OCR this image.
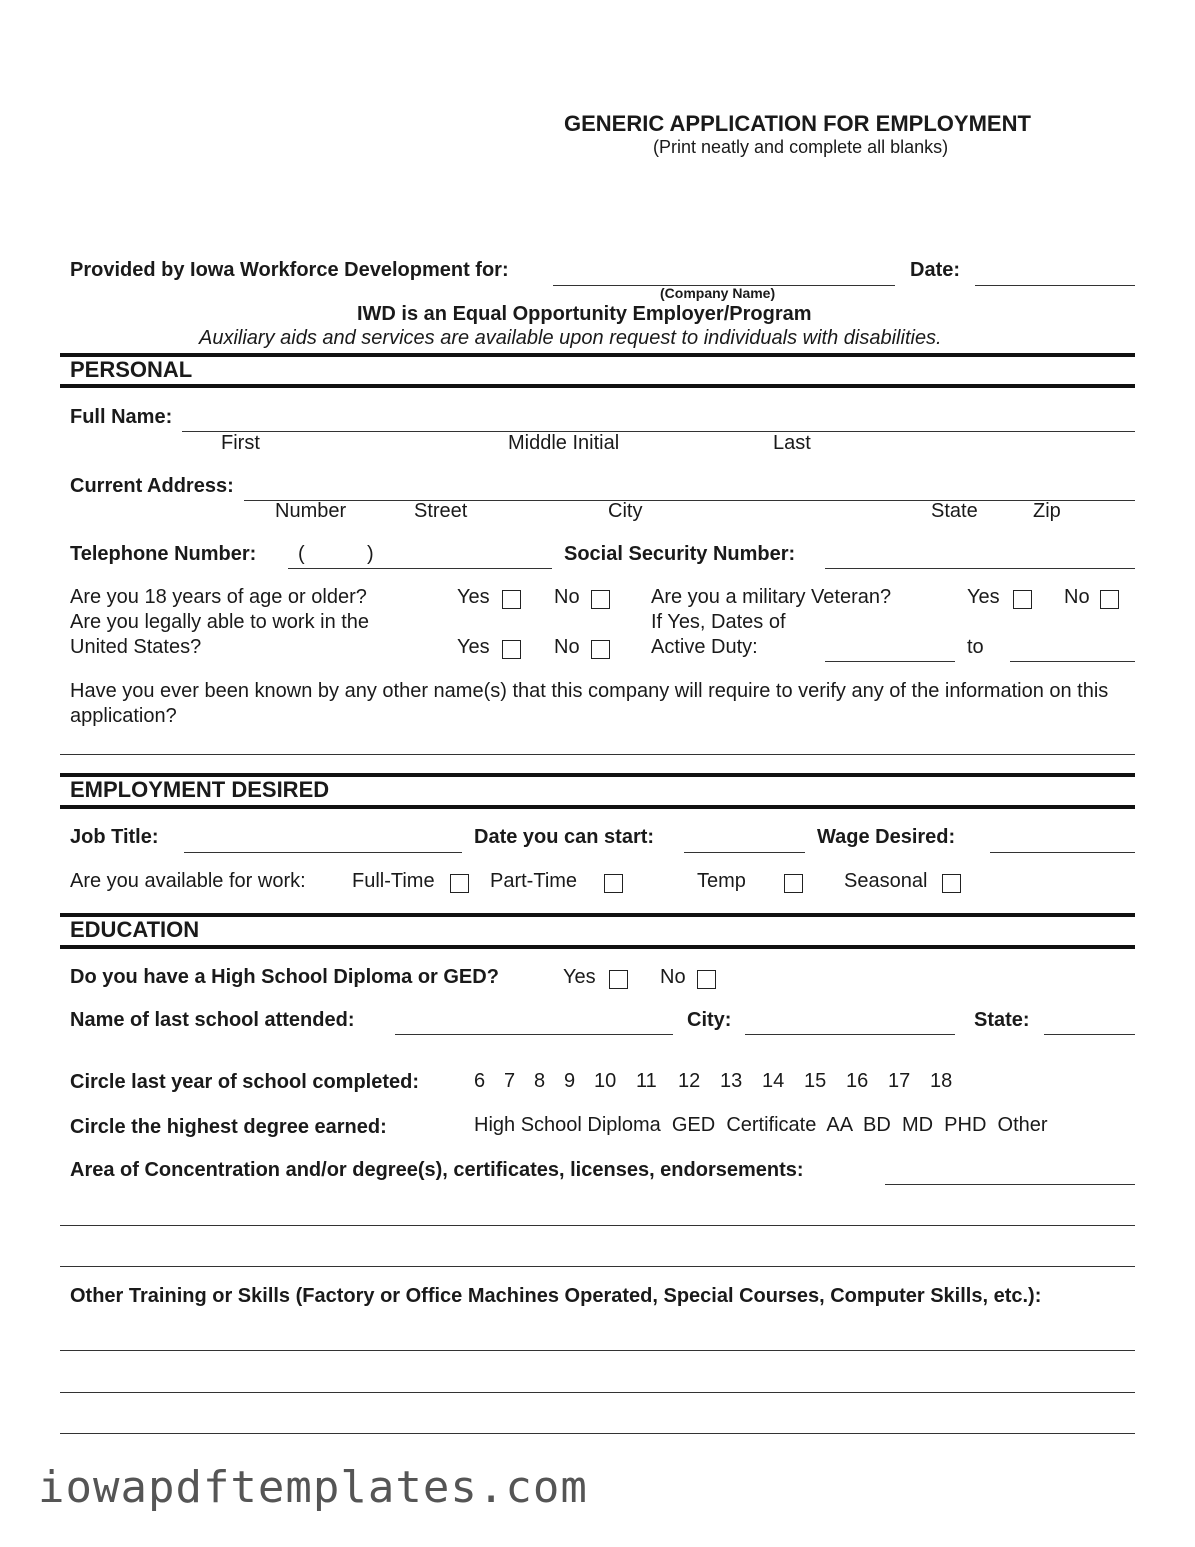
GENERIC APPLICATION FOR EMPLOYMENT
(Print neatly and complete all blanks)
Provided by Iowa Workforce Development for:	Date:
(Company Name)
IWD is an Equal Opportunity Employer/Program
Auxiliary aids and services are available upon request to individuals with disabilities.
PERSONAL
Full Name:
First	Middle Initial	Last
Current Address:
Number	Street	City	State	Zip
Telephone Number: (	)	Social Security Number:
Are you 18 years of age or older?	Yes	No	Are you a military Veteran?	Yes	No
Are you legally able to work in the	If Yes, Dates of
United States?	Yes	No	Active Duty:	to
Have you ever been known by any other name(s) that this company will require to verify any of the information on this application?
EMPLOYMENT DESIRED
Job Title:	Date you can start:	Wage Desired:
Are you available for work: Full-Time	Part-Time	Temp	Seasonal
EDUCATION
Do you have a High School Diploma or GED?	Yes	No
Name of last school attended:	City:	State:
Circle last year of school completed:	6 7 8 9 10 11 12 13 14 15 16 17 18
Circle the highest degree earned:	High School Diploma  GED  Certificate  AA  BD  MD  PHD  Other
Area of Concentration and/or degree(s), certificates, licenses, endorsements:
Other Training or Skills (Factory or Office Machines Operated, Special Courses, Computer Skills, etc.):
iowapdftemplates.com
